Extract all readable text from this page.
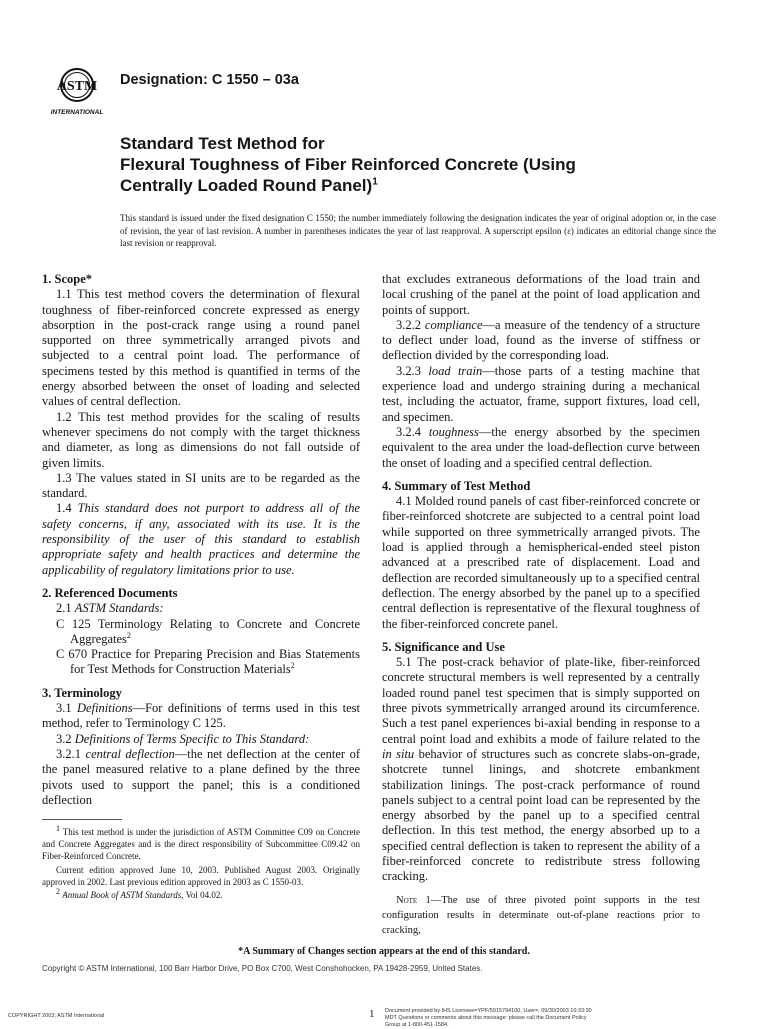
ASTM
INTERNATIONAL
Designation: C 1550 – 03a
Standard Test Method for
Flexural Toughness of Fiber Reinforced Concrete (Using
Centrally Loaded Round Panel)$^1$
This standard is issued under the fixed designation C 1550; the number immediately following the designation indicates the year of original adoption or, in the case of revision, the year of last revision. A number in parentheses indicates the year of last reapproval. A superscript epsilon (ε) indicates an editorial change since the last revision or reapproval.

1. Scope*

1.1 This test method covers the determination of flexural toughness of fiber-reinforced concrete expressed as energy absorption in the post-crack range using a round panel supported on three symmetrically arranged pivots and subjected to a central point load. The performance of specimens tested by this method is quantified in terms of the energy absorbed between the onset of loading and selected values of central deflection.

1.2 This test method provides for the scaling of results whenever specimens do not comply with the target thickness and diameter, as long as dimensions do not fall outside of given limits.

1.3 The values stated in SI units are to be regarded as the standard.

1.4 This standard does not purport to address all of the safety concerns, if any, associated with its use. It is the responsibility of the user of this standard to establish appropriate safety and health practices and determine the applicability of regulatory limitations prior to use.

2. Referenced Documents

2.1 ASTM Standards:

C 125 Terminology Relating to Concrete and Concrete Aggregates$^2$

C 670 Practice for Preparing Precision and Bias Statements for Test Methods for Construction Materials$^2$

3. Terminology

3.1 Definitions—For definitions of terms used in this test method, refer to Terminology C 125.

3.2 Definitions of Terms Specific to This Standard:

3.2.1 central deflection—the net deflection at the center of the panel measured relative to a plane defined by the three pivots used to support the panel; this is a conditioned deflection

that excludes extraneous deformations of the load train and local crushing of the panel at the point of load application and points of support.

3.2.2 compliance—a measure of the tendency of a structure to deflect under load, found as the inverse of stiffness or deflection divided by the corresponding load.

3.2.3 load train—those parts of a testing machine that experience load and undergo straining during a mechanical test, including the actuator, frame, support fixtures, load cell, and specimen.

3.2.4 toughness—the energy absorbed by the specimen equivalent to the area under the load-deflection curve between the onset of loading and a specified central deflection.

4. Summary of Test Method

4.1 Molded round panels of cast fiber-reinforced concrete or fiber-reinforced shotcrete are subjected to a central point load while supported on three symmetrically arranged pivots. The load is applied through a hemispherical-ended steel piston advanced at a prescribed rate of displacement. Load and deflection are recorded simultaneously up to a specified central deflection. The energy absorbed by the panel up to a specified central deflection is representative of the flexural toughness of the fiber-reinforced concrete panel.

5. Significance and Use

5.1 The post-crack behavior of plate-like, fiber-reinforced concrete structural members is well represented by a centrally loaded round panel test specimen that is simply supported on three pivots symmetrically arranged around its circumference. Such a test panel experiences bi-axial bending in response to a central point load and exhibits a mode of failure related to the in situ behavior of structures such as concrete slabs-on-grade, shotcrete tunnel linings, and shotcrete embankment stabilization linings. The post-crack performance of round panels subject to a central point load can be represented by the energy absorbed by the panel up to a specified central deflection. In this test method, the energy absorbed up to a specified central deflection is taken to represent the ability of a fiber-reinforced concrete to redistribute stress following cracking.

Note 1—The use of three pivoted point supports in the test configuration results in determinate out-of-plane reactions prior to cracking,

$^1$ This test method is under the jurisdiction of ASTM Committee C09 on Concrete and Concrete Aggregates and is the direct responsibility of Subcommittee C09.42 on Fiber-Reinforced Concrete.

Current edition approved June 10, 2003. Published August 2003. Originally approved in 2002. Last previous edition approved in 2003 as C 1550-03.

$^2$ Annual Book of ASTM Standards, Vol 04.02.

*A Summary of Changes section appears at the end of this standard.
Copyright © ASTM International, 100 Barr Harbor Drive, PO Box C700, West Conshohocken, PA 19428-2959, United States.
COPYRIGHT 2003; ASTM International	1 Document provided by IHS Licensee=YPF/5915794100, User=, 09/30/2003 10:33:30
MDT Questions or comments about this message: please call the Document Policy
Group at 1-800-451-1584.
